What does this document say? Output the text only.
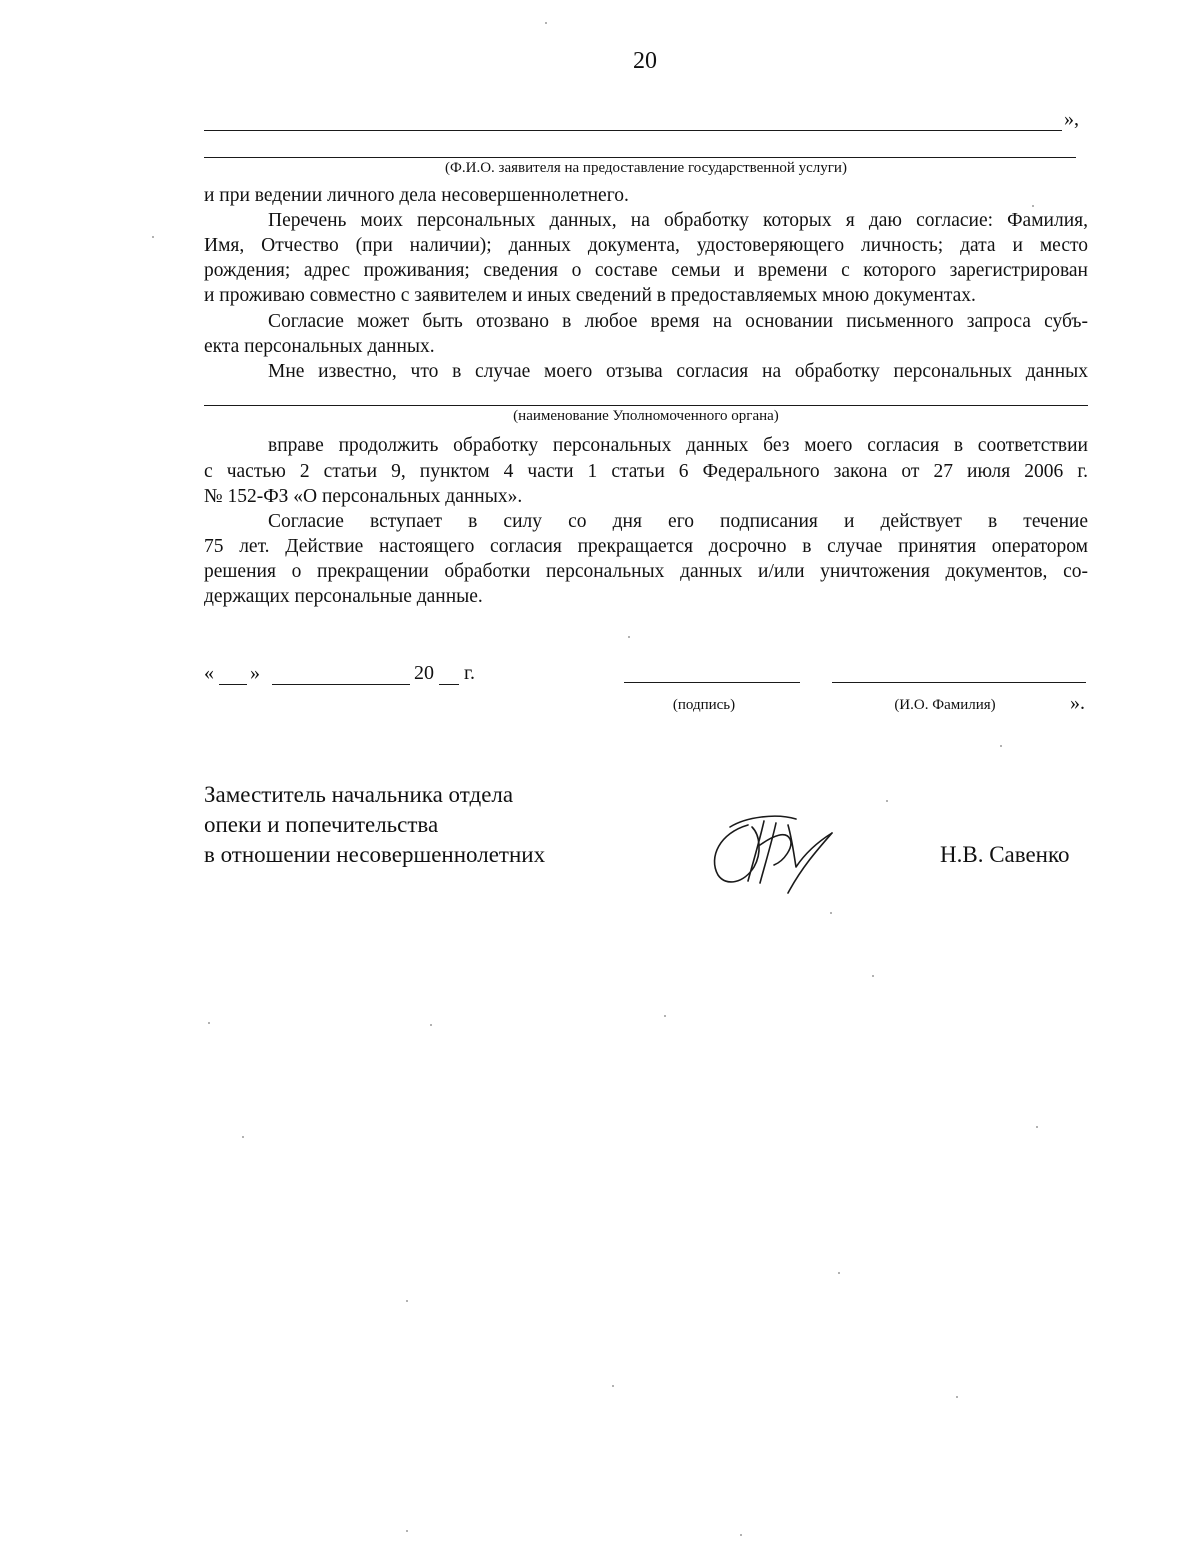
20
»,
(Ф.И.О. заявителя на предоставление государственной услуги)
и при ведении личного дела несовершеннолетнего.
Перечень моих персональных данных, на обработку которых я даю согласие: Фамилия,
Имя, Отчество (при наличии); данных документа, удостоверяющего личность; дата и место
рождения; адрес проживания; сведения о составе семьи и времени с которого зарегистрирован
и проживаю совместно с заявителем и иных сведений в предоставляемых мною документах.
Согласие может быть отозвано в любое время на основании письменного запроса субъ-
екта персональных данных.
Мне известно, что в случае моего отзыва согласия на обработку персональных данных
(наименование Уполномоченного органа)
вправе продолжить обработку персональных данных без моего согласия в соответствии
с частью 2 статьи 9, пунктом 4 части 1 статьи 6 Федерального закона от 27 июля 2006 г.
№ 152-ФЗ «О персональных данных».
Согласие вступает в силу со дня его подписания и действует в течение
75 лет. Действие настоящего согласия прекращается досрочно в случае принятия оператором
решения о прекращении обработки персональных данных и/или уничтожения документов, со-
держащих персональные данные.
« »	20 г.
(подпись)	(И.О. Фамилия)	».
Заместитель начальника отдела
опеки и попечительства
в отношении несовершеннолетних	Н.В. Савенко
